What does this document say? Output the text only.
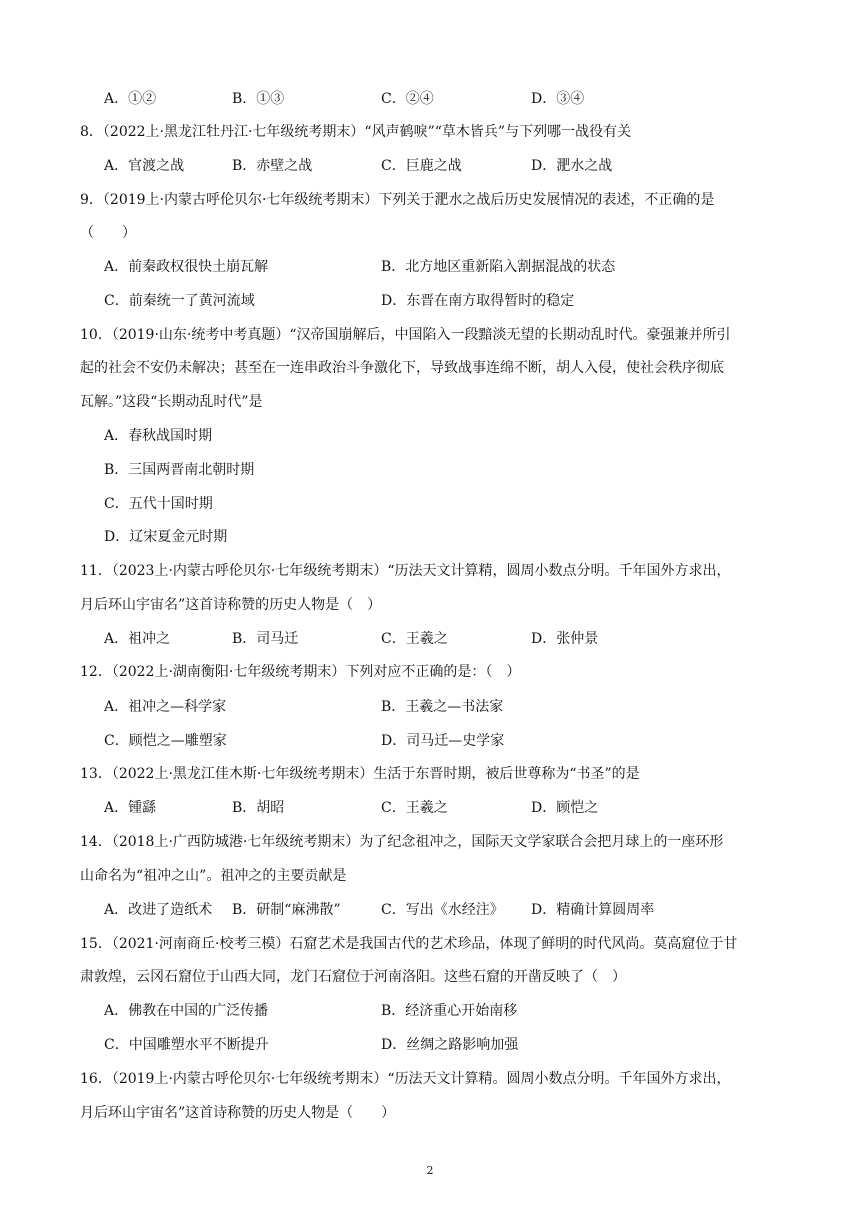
A．①②	B．①③	C．②④	D．③④
8．（2022上·黑龙江牡丹江·七年级统考期末）“风声鹤唳”“草木皆兵”与下列哪一战役有关
A．官渡之战	B．赤壁之战	C．巨鹿之战	D．淝水之战
9．（2019上·内蒙古呼伦贝尔·七年级统考期末）下列关于淝水之战后历史发展情况的表述，不正确的是
（　　）
A．前秦政权很快土崩瓦解	B．北方地区重新陷入割据混战的状态
C．前秦统一了黄河流域	D．东晋在南方取得暂时的稳定
10．（2019·山东·统考中考真题）“汉帝国崩解后，中国陷入一段黯淡无望的长期动乱时代。豪强兼并所引
起的社会不安仍未解决；甚至在一连串政治斗争激化下，导致战事连绵不断，胡人入侵，使社会秩序彻底
瓦解。”这段“长期动乱时代”是
A．春秋战国时期
B．三国两晋南北朝时期
C．五代十国时期
D．辽宋夏金元时期
11．（2023上·内蒙古呼伦贝尔·七年级统考期末）“历法天文计算精，圆周小数点分明。千年国外方求出，
月后环山宇宙名”这首诗称赞的历史人物是（　）
A．祖冲之	B．司马迁	C．王羲之	D．张仲景
12．（2022上·湖南衡阳·七年级统考期末）下列对应不正确的是：（　）
A．祖冲之—科学家	B．王羲之—书法家
C．顾恺之—雕塑家	D．司马迁—史学家
13．（2022上·黑龙江佳木斯·七年级统考期末）生活于东晋时期，被后世尊称为“书圣”的是
A．锺繇	B．胡昭	C．王羲之	D．顾恺之
14．（2018上·广西防城港·七年级统考期末）为了纪念祖冲之，国际天文学家联合会把月球上的一座环形
山命名为“祖冲之山”。祖冲之的主要贡献是
A．改进了造纸术 B．研制“麻沸散”	C．写出《水经注》 D．精确计算圆周率
15．（2021·河南商丘·校考三模）石窟艺术是我国古代的艺术珍品，体现了鲜明的时代风尚。莫高窟位于甘
肃敦煌，云冈石窟位于山西大同，龙门石窟位于河南洛阳。这些石窟的开凿反映了（　）
A．佛教在中国的广泛传播	B．经济重心开始南移
C．中国雕塑水平不断提升	D．丝绸之路影响加强
16．（2019上·内蒙古呼伦贝尔·七年级统考期末）“历法天文计算精。圆周小数点分明。千年国外方求出，
月后环山宇宙名”这首诗称赞的历史人物是（　　）
2
